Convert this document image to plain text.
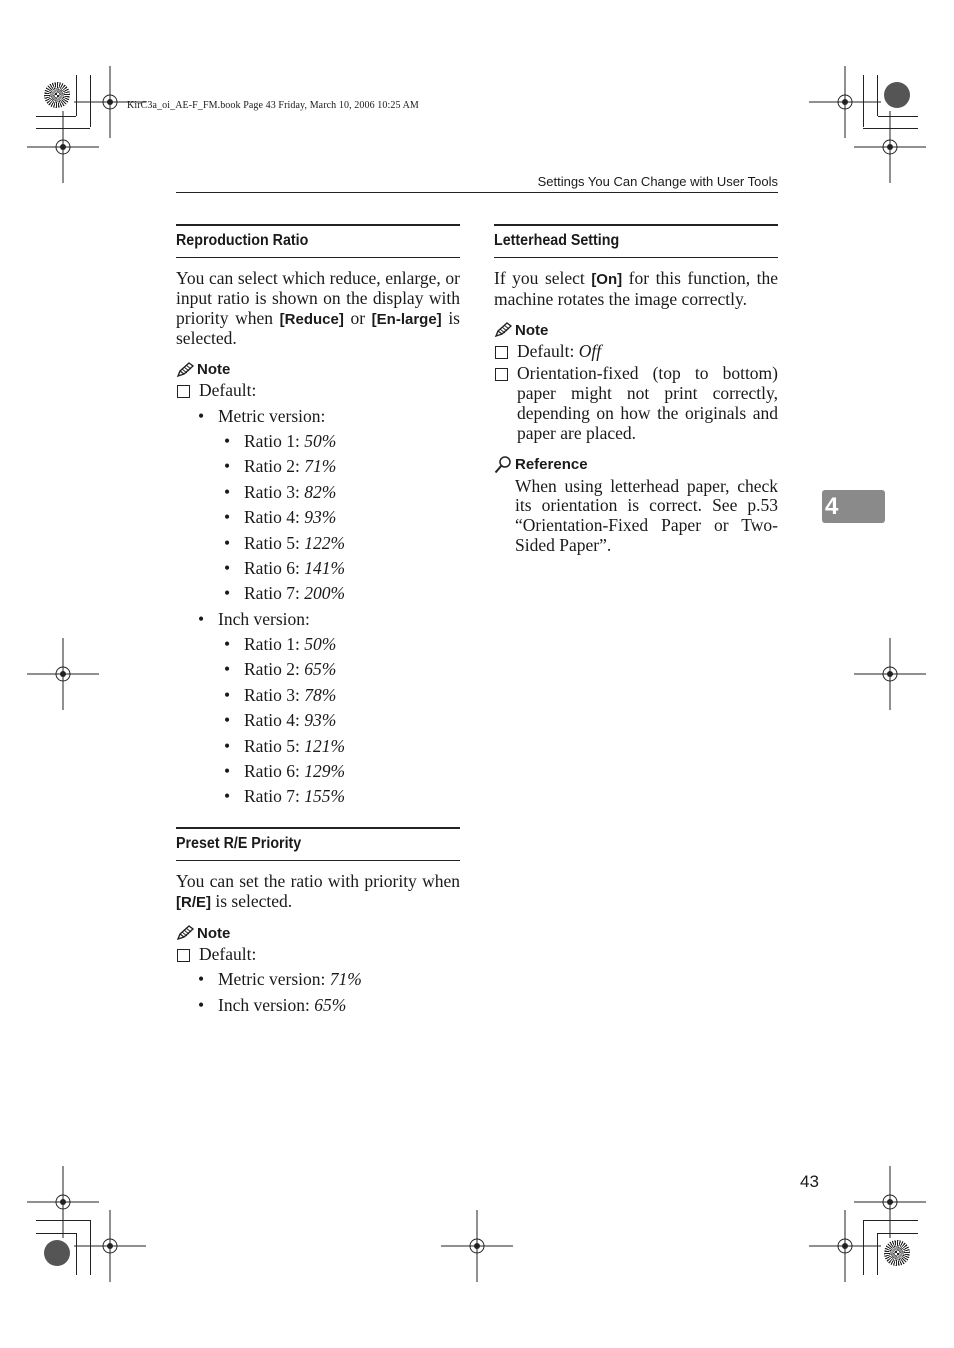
KirC3a_oi_AE-F_FM.book Page 43 Friday, March 10, 2006 10:25 AM
Settings You Can Change with User Tools
Reproduction Ratio
You can select which reduce, enlarge, or input ratio is shown on the display with priority when [Reduce] or [En-large] is selected.
Note
Default:
• Metric version:
• Ratio 1: 50%
• Ratio 2: 71%
• Ratio 3: 82%
• Ratio 4: 93%
• Ratio 5: 122%
• Ratio 6: 141%
• Ratio 7: 200%
• Inch version:
• Ratio 1: 50%
• Ratio 2: 65%
• Ratio 3: 78%
• Ratio 4: 93%
• Ratio 5: 121%
• Ratio 6: 129%
• Ratio 7: 155%
Preset R/E Priority
You can set the ratio with priority when [R/E] is selected.
Note
Default:
• Metric version: 71%
• Inch version: 65%
Letterhead Setting
If you select [On] for this function, the machine rotates the image correctly.
Note
Default: Off
Orientation-fixed (top to bottom) paper might not print correctly, depending on how the originals and paper are placed.
Reference
When using letterhead paper, check its orientation is correct. See p.53 “Orientation-Fixed Paper or Two-Sided Paper”.
4
43
